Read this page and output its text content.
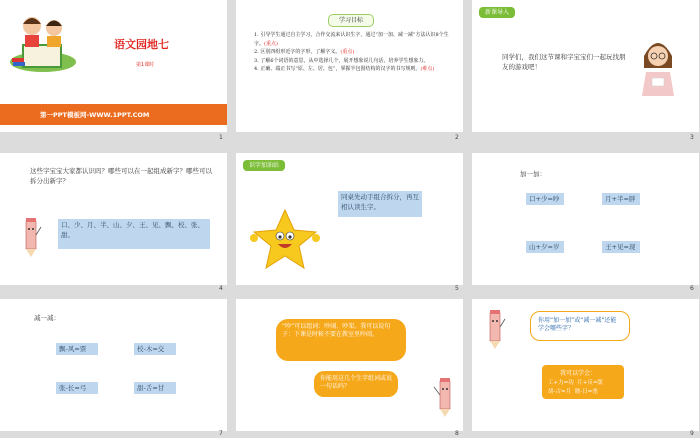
语文园地七
第1课时
第一PPT模板网-WWW.1PPT.COM
学习目标
1. 引导学生通过自主学习、合作交流来认识生字，通过“加一加、减一减”方法认识8个生字。(重点)
2. 区别四组形近字的字形，了解字义。(重点)
3. 了解6个词语的意思，从中选择几个，展开想象说几句话，培养学生想象力。
4. 正确、端正书写“原、左、居、包”，掌握半包围结构的汉字的书写规则。(难点)
新课导入
同学们，我们这节课和字宝宝们一起玩找朋友的游戏吧！
这些字宝宝大家都认识吗？哪些可以在一起组成新字？哪些可以拆分出新字？
口、少、月、半、山、夕、王、见、飘、校、张、甜。
识字加油站
同桌先动手组合拆分，再互相认读生字。
加一加：
口+少=吵	月+半=胖
山+夕=岁	王+见=现
减一减：
飘-风=票	校-木=交
张-长=弓	甜-舌=甘
“吵”可以组词：吵闹、吵架。我可以说句子：下课是时候不要在教室里吵闹。
你能用这几个生字组词或说一句话吗？
你用“加一加”或“减一减”还能学会哪些字？
我可以学会：
工+力=功  片+反=版
胡-古=月  晓-日=尧
1	2	3
4	5	6
7	8	9
